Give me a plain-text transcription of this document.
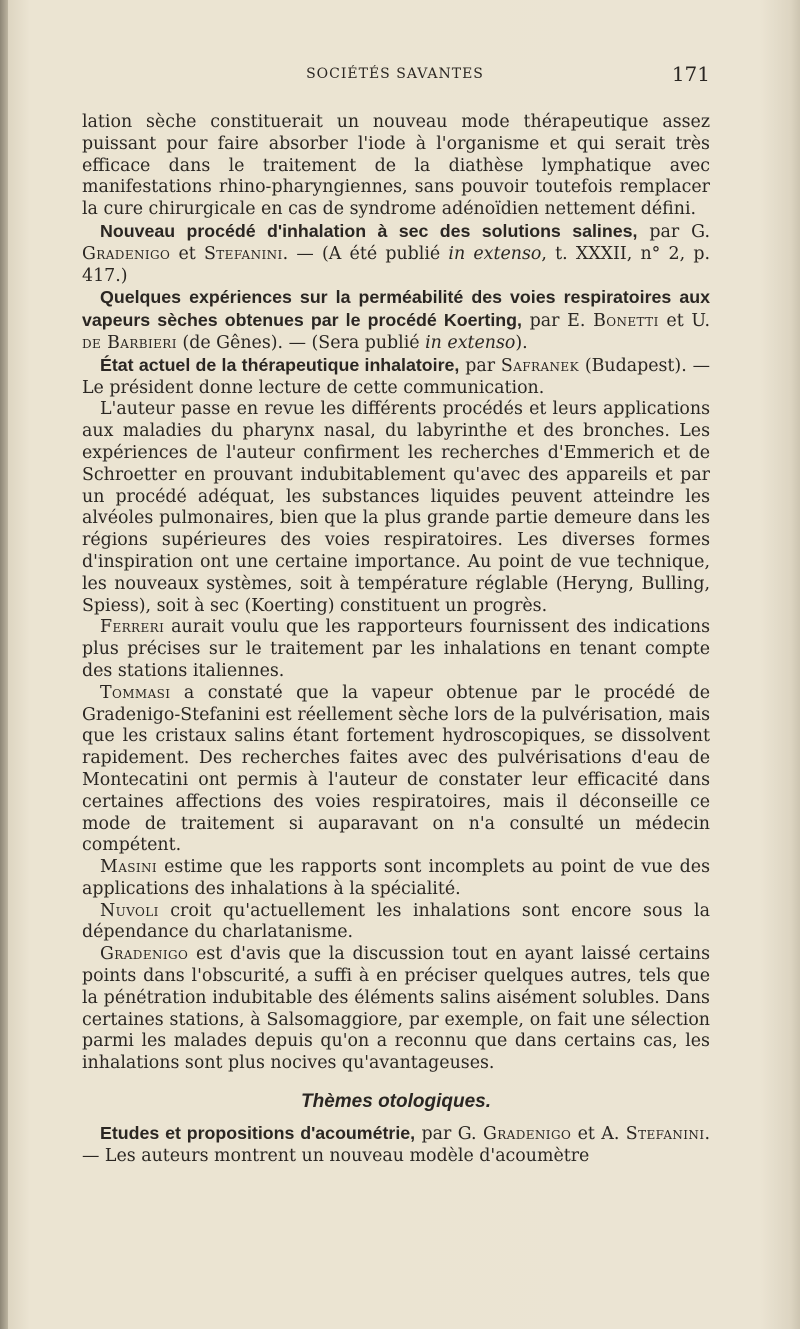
SOCIÉTÉS SAVANTES	171

lation sèche constituerait un nouveau mode thérapeutique assez puissant pour faire absorber l'iode à l'organisme et qui serait très efficace dans le traitement de la diathèse lymphatique avec manifestations rhino-pharyngiennes, sans pouvoir toutefois remplacer la cure chirurgicale en cas de syndrome adénoïdien nettement défini.

Nouveau procédé d'inhalation à sec des solutions salines, par G. Gradenigo et Stefanini. — (A été publié in extenso, t. XXXII, n° 2, p. 417.)

Quelques expériences sur la perméabilité des voies respiratoires aux vapeurs sèches obtenues par le procédé Koerting, par E. Bonetti et U. de Barbieri (de Gênes). — (Sera publié in extenso).

État actuel de la thérapeutique inhalatoire, par Safranek (Budapest). — Le président donne lecture de cette communication.

L'auteur passe en revue les différents procédés et leurs applications aux maladies du pharynx nasal, du labyrinthe et des bronches. Les expériences de l'auteur confirment les recherches d'Emmerich et de Schroetter en prouvant indubitablement qu'avec des appareils et par un procédé adéquat, les substances liquides peuvent atteindre les alvéoles pulmonaires, bien que la plus grande partie demeure dans les régions supérieures des voies respiratoires. Les diverses formes d'inspiration ont une certaine importance. Au point de vue technique, les nouveaux systèmes, soit à température réglable (Heryng, Bulling, Spiess), soit à sec (Koerting) constituent un progrès.

Ferreri aurait voulu que les rapporteurs fournissent des indications plus précises sur le traitement par les inhalations en tenant compte des stations italiennes.

Tommasi a constaté que la vapeur obtenue par le procédé de Gradenigo-Stefanini est réellement sèche lors de la pulvérisation, mais que les cristaux salins étant fortement hydroscopiques, se dissolvent rapidement. Des recherches faites avec des pulvérisations d'eau de Montecatini ont permis à l'auteur de constater leur efficacité dans certaines affections des voies respiratoires, mais il déconseille ce mode de traitement si auparavant on n'a consulté un médecin compétent.

Masini estime que les rapports sont incomplets au point de vue des applications des inhalations à la spécialité.

Nuvoli croit qu'actuellement les inhalations sont encore sous la dépendance du charlatanisme.

Gradenigo est d'avis que la discussion tout en ayant laissé certains points dans l'obscurité, a suffi à en préciser quelques autres, tels que la pénétration indubitable des éléments salins aisément solubles. Dans certaines stations, à Salsomaggiore, par exemple, on fait une sélection parmi les malades depuis qu'on a reconnu que dans certains cas, les inhalations sont plus nocives qu'avantageuses.

Thèmes otologiques.

Etudes et propositions d'acoumétrie, par G. Gradenigo et A. Stefanini. — Les auteurs montrent un nouveau modèle d'acoumètre
